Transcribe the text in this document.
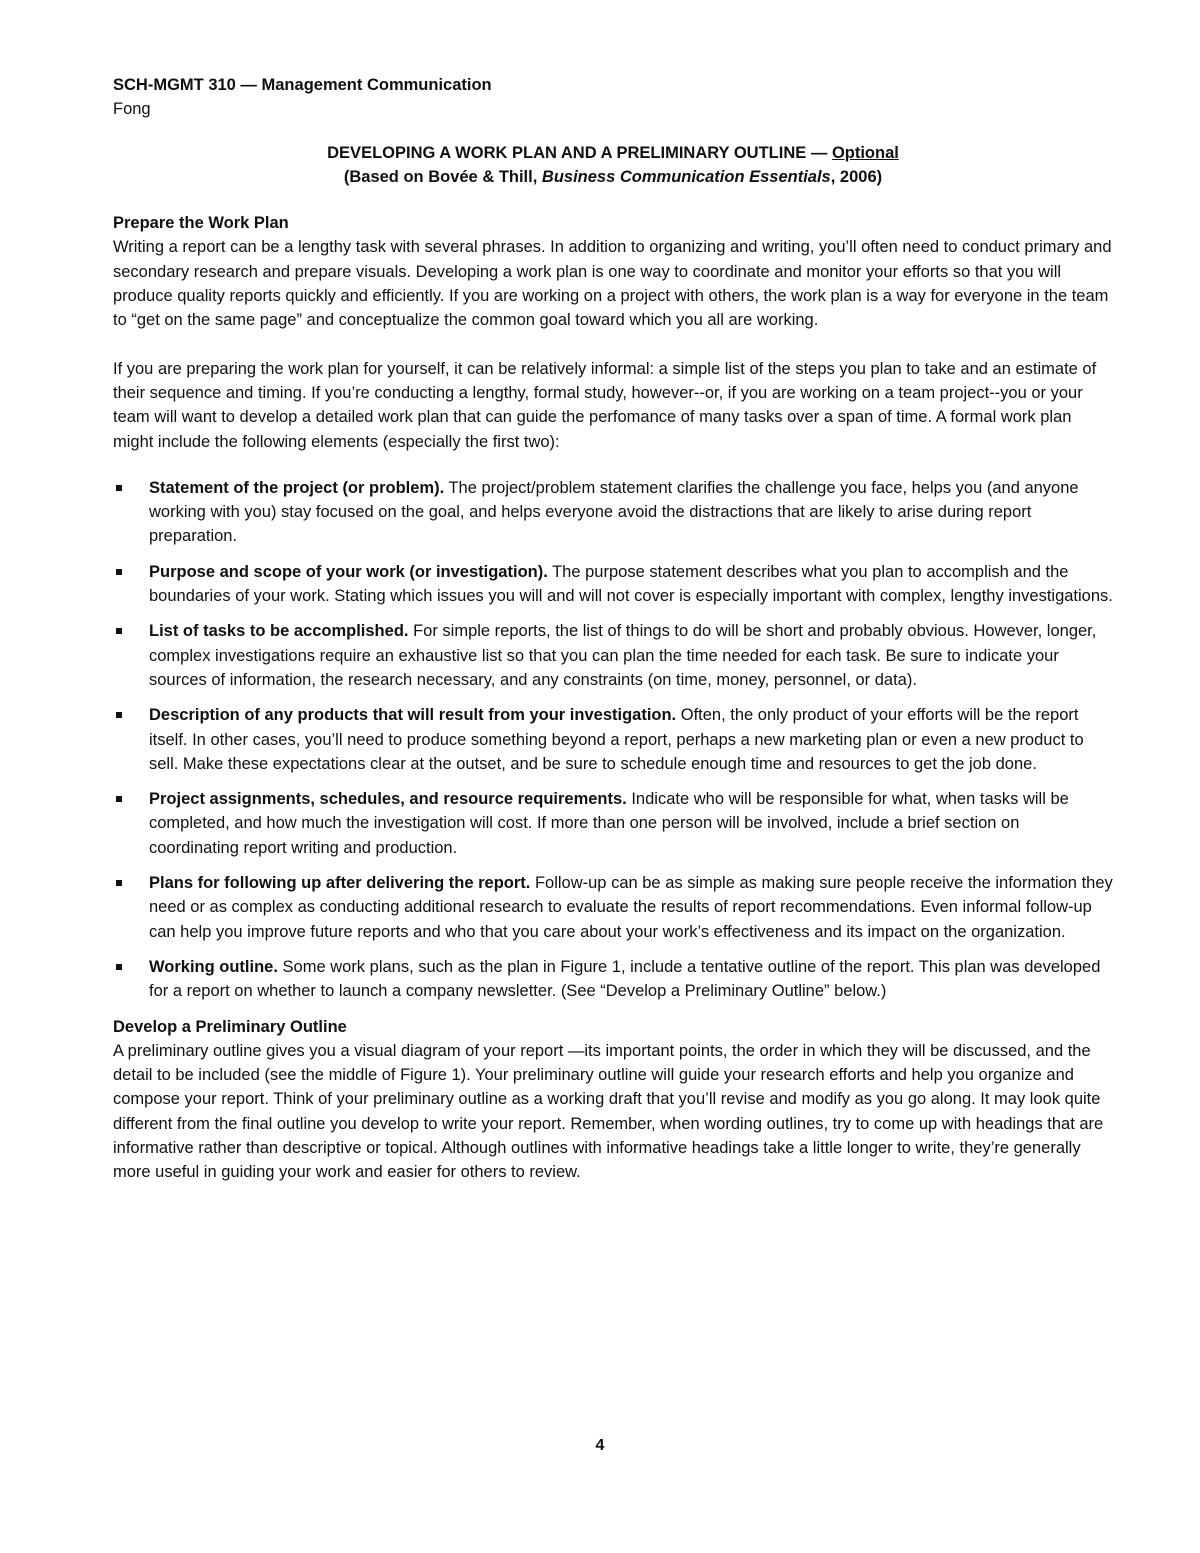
SCH-MGMT 310 — Management Communication

Fong

DEVELOPING A WORK PLAN AND A PRELIMINARY OUTLINE — Optional

(Based on Bovée & Thill, Business Communication Essentials, 2006)

Prepare the Work Plan

Writing a report can be a lengthy task with several phrases. In addition to organizing and writing, you’ll often need to conduct primary and secondary research and prepare visuals. Developing a work plan is one way to coordinate and monitor your efforts so that you will produce quality reports quickly and efficiently. If you are working on a project with others, the work plan is a way for everyone in the team to “get on the same page” and conceptualize the common goal toward which you all are working.

If you are preparing the work plan for yourself, it can be relatively informal: a simple list of the steps you plan to take and an estimate of their sequence and timing. If you’re conducting a lengthy, formal study, however--or, if you are working on a team project--you or your team will want to develop a detailed work plan that can guide the perfomance of many tasks over a span of time. A formal work plan might include the following elements (especially the first two):

Statement of the project (or problem). The project/problem statement clarifies the challenge you face, helps you (and anyone working with you) stay focused on the goal, and helps everyone avoid the distractions that are likely to arise during report preparation.
Purpose and scope of your work (or investigation). The purpose statement describes what you plan to accomplish and the boundaries of your work. Stating which issues you will and will not cover is especially important with complex, lengthy investigations.
List of tasks to be accomplished. For simple reports, the list of things to do will be short and probably obvious. However, longer, complex investigations require an exhaustive list so that you can plan the time needed for each task. Be sure to indicate your sources of information, the research necessary, and any constraints (on time, money, personnel, or data).
Description of any products that will result from your investigation. Often, the only product of your efforts will be the report itself. In other cases, you’ll need to produce something beyond a report, perhaps a new marketing plan or even a new product to sell. Make these expectations clear at the outset, and be sure to schedule enough time and resources to get the job done.
Project assignments, schedules, and resource requirements. Indicate who will be responsible for what, when tasks will be completed, and how much the investigation will cost. If more than one person will be involved, include a brief section on coordinating report writing and production.
Plans for following up after delivering the report. Follow-up can be as simple as making sure people receive the information they need or as complex as conducting additional research to evaluate the results of report recommendations. Even informal follow-up can help you improve future reports and who that you care about your work’s effectiveness and its impact on the organization.
Working outline. Some work plans, such as the plan in Figure 1, include a tentative outline of the report. This plan was developed for a report on whether to launch a company newsletter. (See “Develop a Preliminary Outline” below.)

Develop a Preliminary Outline

A preliminary outline gives you a visual diagram of your report —its important points, the order in which they will be discussed, and the detail to be included (see the middle of Figure 1). Your preliminary outline will guide your research efforts and help you organize and compose your report. Think of your preliminary outline as a working draft that you’ll revise and modify as you go along. It may look quite different from the final outline you develop to write your report. Remember, when wording outlines, try to come up with headings that are informative rather than descriptive or topical. Although outlines with informative headings take a little longer to write, they’re generally more useful in guiding your work and easier for others to review.

4
